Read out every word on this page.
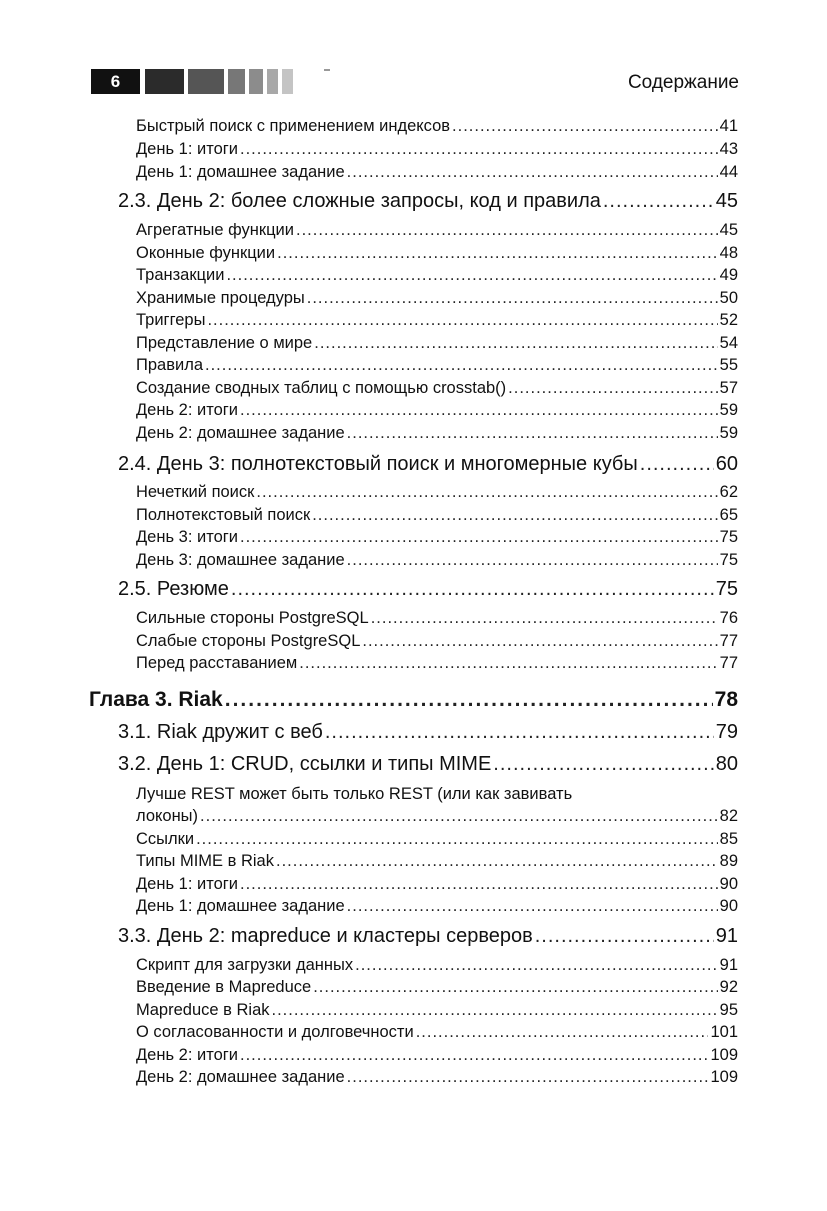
6	Содержание
Быстрый поиск с применением индексов .....	41
День 1: итоги .....	43
День 1: домашнее задание .....	44
2.3. День 2: более сложные запросы, код и правила .....	45
Агрегатные функции .....	45
Оконные функции .....	48
Транзакции .....	49
Хранимые процедуры .....	50
Триггеры .....	52
Представление о мире .....	54
Правила .....	55
Создание сводных таблиц с помощью crosstab() .....	57
День 2: итоги .....	59
День 2: домашнее задание .....	59
2.4. День 3: полнотекстовый поиск и многомерные кубы .....	60
Нечеткий поиск .....	62
Полнотекстовый поиск .....	65
День 3: итоги .....	75
День 3: домашнее задание .....	75
2.5. Резюме .....	75
Сильные стороны PostgreSQL .....	76
Слабые стороны PostgreSQL .....	77
Перед расставанием .....	77
Глава 3. Riak .....	78
3.1. Riak дружит с веб .....	79
3.2. День 1: CRUD, ссылки и типы MIME .....	80
Лучше REST может быть только REST (или как завивать
локоны) .....	82
Ссылки .....	85
Типы MIME в Riak .....	89
День 1: итоги .....	90
День 1: домашнее задание .....	90
3.3. День 2: mapreduce и кластеры серверов .....	91
Скрипт для загрузки данных .....	91
Введение в Mapreduce .....	92
Mapreduce в Riak .....	95
О согласованности и долговечности .....	101
День 2: итоги .....	109
День 2: домашнее задание .....	109
